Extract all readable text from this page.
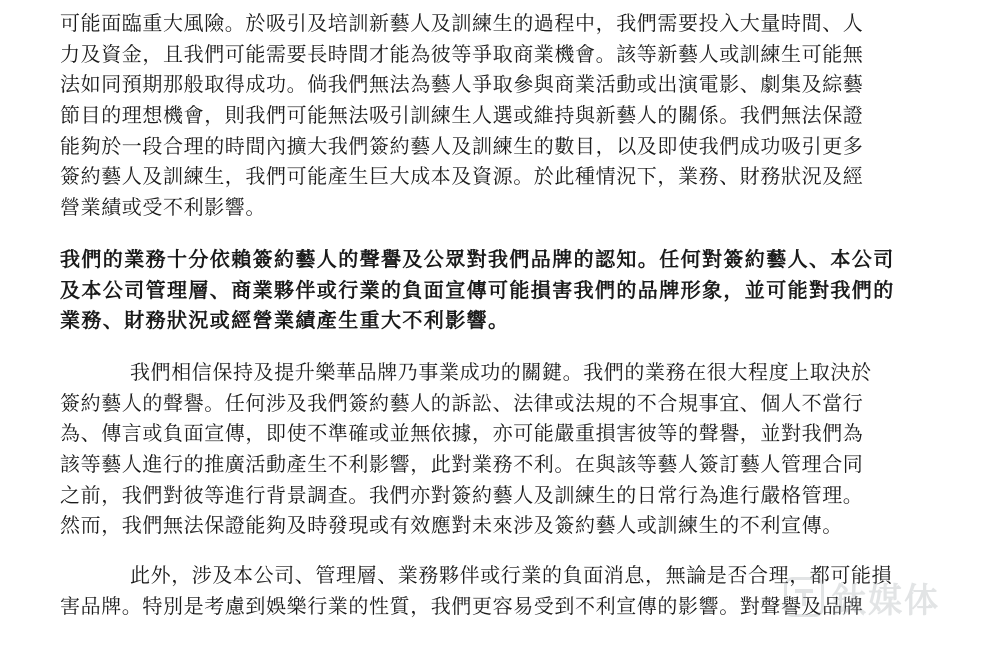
可能面臨重大風險。於吸引及培訓新藝人及訓練生的過程中，我們需要投入大量時間、人
力及資金，且我們可能需要長時間才能為彼等爭取商業機會。該等新藝人或訓練生可能無
法如同預期那般取得成功。倘我們無法為藝人爭取參與商業活動或出演電影、劇集及綜藝
節目的理想機會，則我們可能無法吸引訓練生人選或維持與新藝人的關係。我們無法保證
能夠於一段合理的時間內擴大我們簽約藝人及訓練生的數目，以及即使我們成功吸引更多
簽約藝人及訓練生，我們可能產生巨大成本及資源。於此種情況下，業務、財務狀況及經
營業績或受不利影響。
我們的業務十分依賴簽約藝人的聲譽及公眾對我們品牌的認知。任何對簽約藝人、本公司
及本公司管理層、商業夥伴或行業的負面宣傳可能損害我們的品牌形象，並可能對我們的
業務、財務狀況或經營業績產生重大不利影響。
我們相信保持及提升樂華品牌乃事業成功的關鍵。我們的業務在很大程度上取決於
簽約藝人的聲譽。任何涉及我們簽約藝人的訴訟、法律或法規的不合規事宜、個人不當行
為、傳言或負面宣傳，即使不準確或並無依據，亦可能嚴重損害彼等的聲譽，並對我們為
該等藝人進行的推廣活動產生不利影響，此對業務不利。在與該等藝人簽訂藝人管理合同
之前，我們對彼等進行背景調查。我們亦對簽約藝人及訓練生的日常行為進行嚴格管理。
然而，我們無法保證能夠及時發現或有效應對未來涉及簽約藝人或訓練生的不利宣傳。
此外，涉及本公司、管理層、業務夥伴或行業的負面消息，無論是否合理，都可能損
害品牌。特別是考慮到娛樂行業的性質，我們更容易受到不利宣傳的影響。對聲譽及品牌
鈦媒体
